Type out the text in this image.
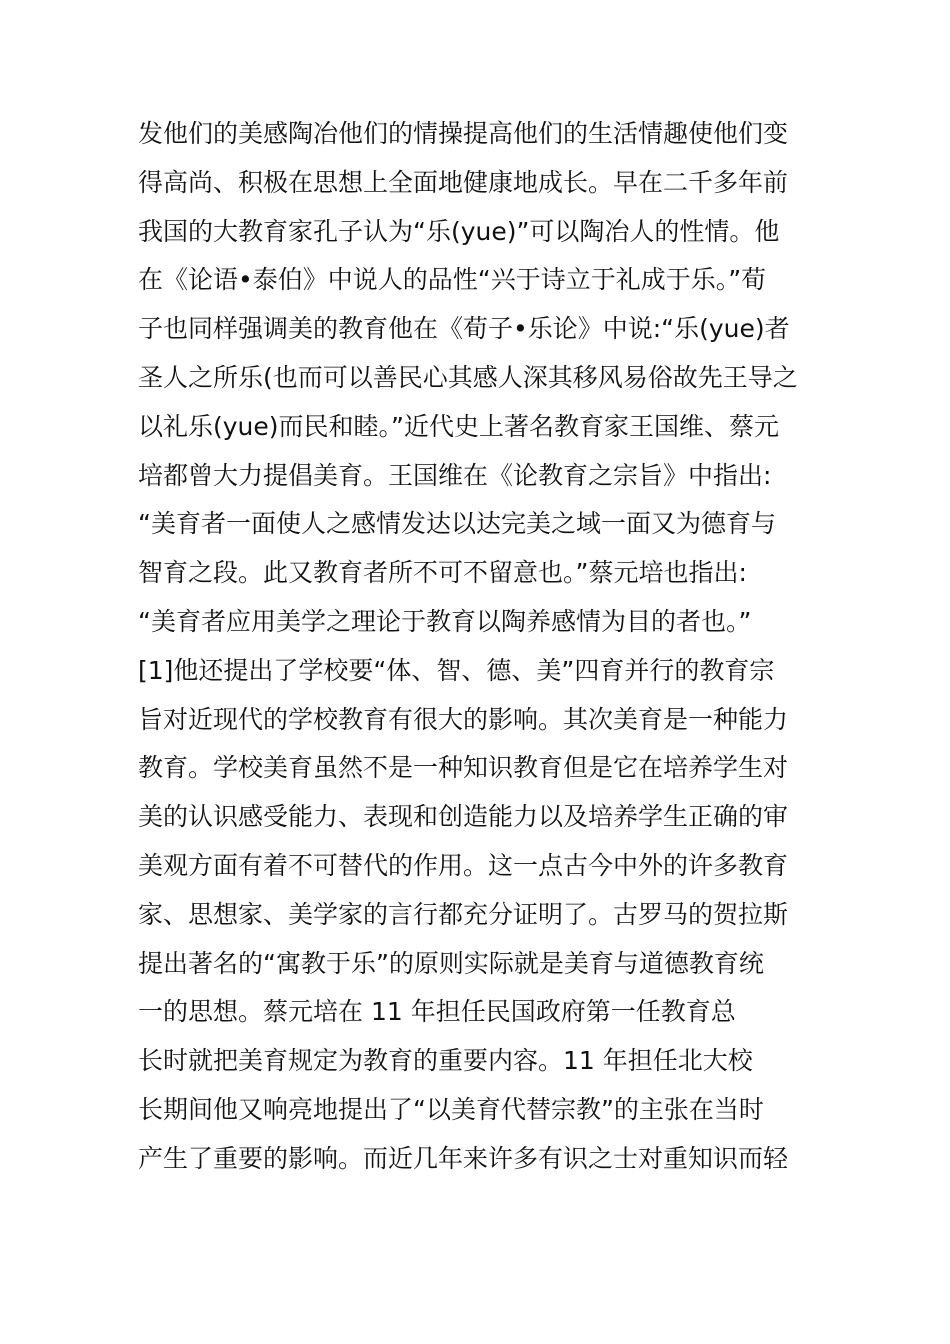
发他们的美感陶冶他们的情操提高他们的生活情趣使他们变
得高尚、积极在思想上全面地健康地成长。早在二千多年前
我国的大教育家孔子认为“乐(yue)”可以陶冶人的性情。他
在《论语•泰伯》中说人的品性“兴于诗立于礼成于乐。”荀
子也同样强调美的教育他在《荀子•乐论》中说:“乐(yue)者
圣人之所乐(也而可以善民心其感人深其移风易俗故先王导之
以礼乐(yue)而民和睦。”近代史上著名教育家王国维、蔡元
培都曾大力提倡美育。王国维在《论教育之宗旨》中指出:
“美育者一面使人之感情发达以达完美之域一面又为德育与
智育之段。此又教育者所不可不留意也。”蔡元培也指出:
“美育者应用美学之理论于教育以陶养感情为目的者也。”
[1]他还提出了学校要“体、智、德、美”四育并行的教育宗
旨对近现代的学校教育有很大的影响。其次美育是一种能力
教育。学校美育虽然不是一种知识教育但是它在培养学生对
美的认识感受能力、表现和创造能力以及培养学生正确的审
美观方面有着不可替代的作用。这一点古今中外的许多教育
家、思想家、美学家的言行都充分证明了。古罗马的贺拉斯
提出著名的“寓教于乐”的原则实际就是美育与道德教育统
一的思想。蔡元培在 11 年担任民国政府第一任教育总
长时就把美育规定为教育的重要内容。11 年担任北大校
长期间他又响亮地提出了“以美育代替宗教”的主张在当时
产生了重要的影响。而近几年来许多有识之士对重知识而轻
